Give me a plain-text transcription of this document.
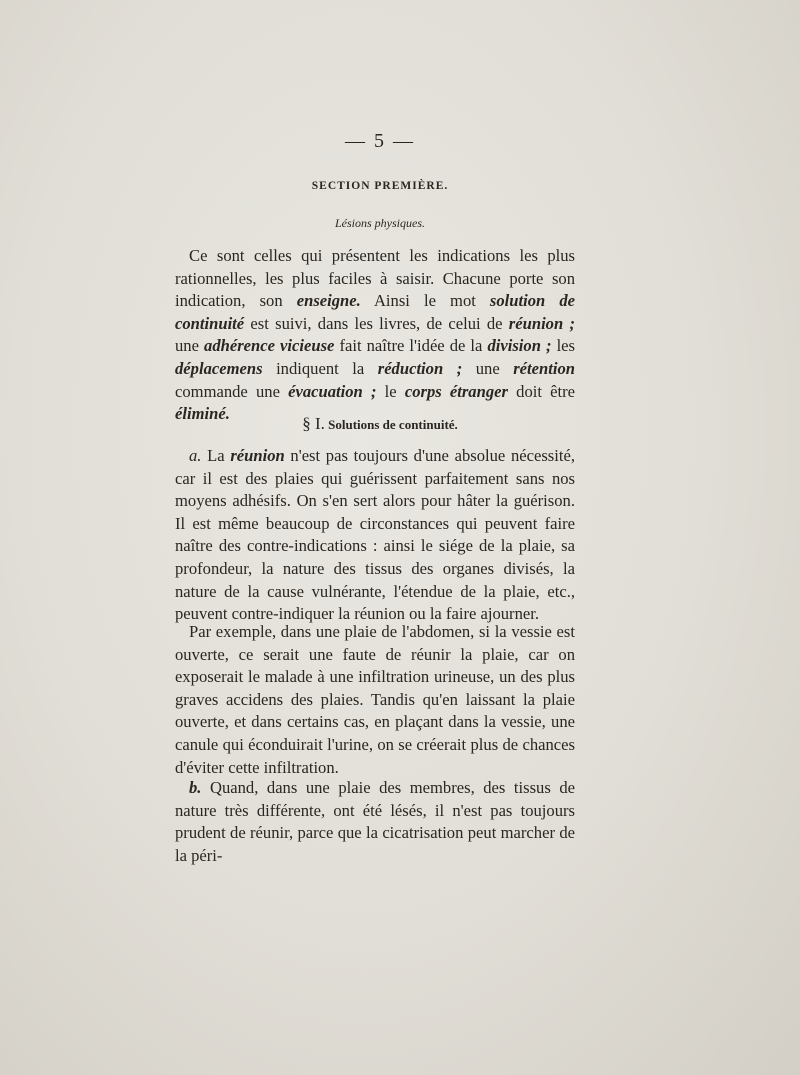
— 5 —
SECTION PREMIÈRE.
Lésions physiques.

Ce sont celles qui présentent les indications les plus rationnelles, les plus faciles à saisir. Chacune porte son indication, son enseigne. Ainsi le mot solution de continuité est suivi, dans les livres, de celui de réunion ; une adhérence vicieuse fait naître l'idée de la division ; les déplacemens indiquent la réduction ; une rétention commande une évacuation ; le corps étranger doit être éliminé.

§ I. Solutions de continuité.

a. La réunion n'est pas toujours d'une absolue nécessité, car il est des plaies qui guérissent parfaitement sans nos moyens adhésifs. On s'en sert alors pour hâter la guérison. Il est même beaucoup de circonstances qui peuvent faire naître des contre-indications : ainsi le siége de la plaie, sa profondeur, la nature des tissus des organes divisés, la nature de la cause vulnérante, l'étendue de la plaie, etc., peuvent contre-indiquer la réunion ou la faire ajourner.

Par exemple, dans une plaie de l'abdomen, si la vessie est ouverte, ce serait une faute de réunir la plaie, car on exposerait le malade à une infiltration urineuse, un des plus graves accidens des plaies. Tandis qu'en laissant la plaie ouverte, et dans certains cas, en plaçant dans la vessie, une canule qui éconduirait l'urine, on se créerait plus de chances d'éviter cette infiltration.

b. Quand, dans une plaie des membres, des tissus de nature très différente, ont été lésés, il n'est pas toujours prudent de réunir, parce que la cicatrisation peut marcher de la péri-
